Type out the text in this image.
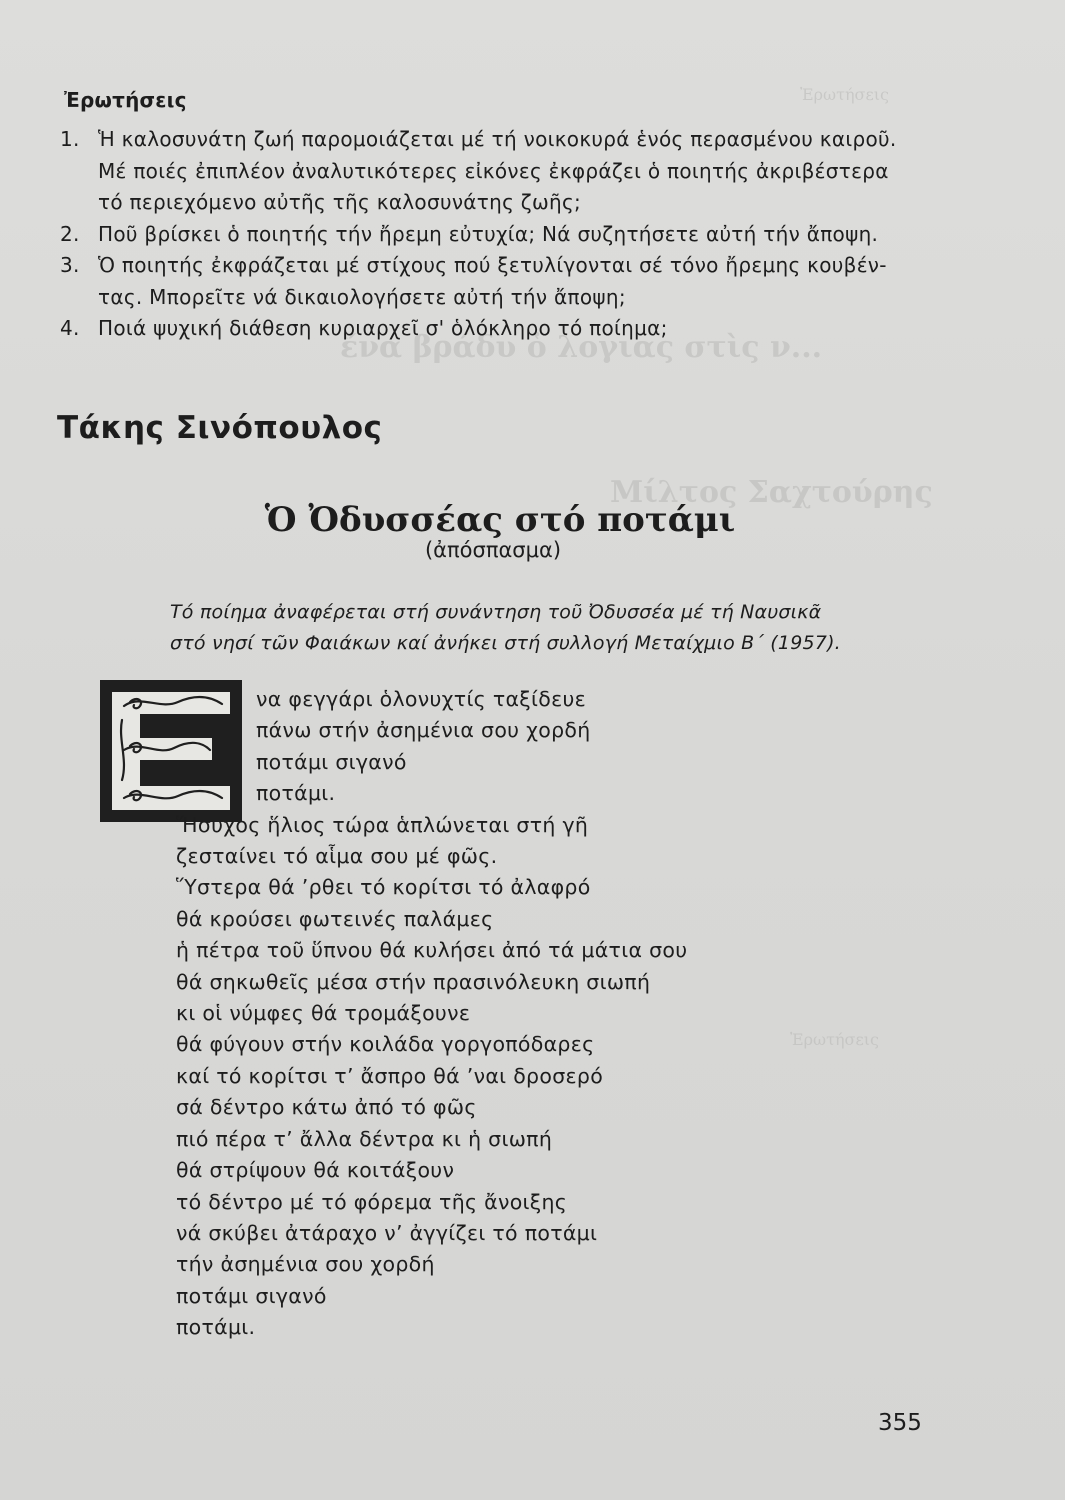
Ἐρωτήσεις
ἕνα βράδυ ὁ λογιας στὶς ν...
Μίλτος Σαχτούρης
Ἐρωτήσεις
Ἐρωτήσεις
1. Ἡ καλοσυνάτη ζωή παρομοιάζεται μέ τή νοικοκυρά ἑνός περασμένου καιροῦ.
Μέ ποιές ἐπιπλέον ἀναλυτικότερες εἰκόνες ἐκφράζει ὁ ποιητής ἀκριβέστερα
τό περιεχόμενο αὐτῆς τῆς καλοσυνάτης ζωῆς;
2. Ποῦ βρίσκει ὁ ποιητής τήν ἤρεμη εὐτυχία; Νά συζητήσετε αὐτή τήν ἄποψη.
3. Ὁ ποιητής ἐκφράζεται μέ στίχους πού ξετυλίγονται σέ τόνο ἤρεμης κουβέν-
τας. Μπορεῖτε νά δικαιολογήσετε αὐτή τήν ἄποψη;
4. Ποιά ψυχική διάθεση κυριαρχεῖ σ' ὁλόκληρο τό ποίημα;
Τάκης Σινόπουλος
Ὁ Ὀδυσσέας στό ποτάμι
(ἀπόσπασμα)
Τό ποίημα ἀναφέρεται στή συνάντηση τοῦ Ὀδυσσέα μέ τή Ναυσικᾶ
στό νησί τῶν Φαιάκων καί ἀνήκει στή συλλογή Μεταίχμιο Β΄ (1957).
να φεγγάρι ὁλονυχτίς ταξίδευε
πάνω στήν ἀσημένια σου χορδή
ποτάμι σιγανό
ποτάμι.
Ἥσυχος ἥλιος τώρα ἁπλώνεται στή γῆ
ζεσταίνει τό αἷμα σου μέ φῶς.
Ὕστερα θά ’ρθει τό κορίτσι τό ἀλαφρό
θά κρούσει φωτεινές παλάμες
ἡ πέτρα τοῦ ὕπνου θά κυλήσει ἀπό τά μάτια σου
θά σηκωθεῖς μέσα στήν πρασινόλευκη σιωπή
κι οἱ νύμφες θά τρομάξουνε
θά φύγουν στήν κοιλάδα γοργοπόδαρες
καί τό κορίτσι τ’ ἄσπρο θά ’ναι δροσερό
σά δέντρο κάτω ἀπό τό φῶς
πιό πέρα τ’ ἄλλα δέντρα κι ἡ σιωπή
θά στρίψουν θά κοιτάξουν
τό δέντρο μέ τό φόρεμα τῆς ἄνοιξης
νά σκύβει ἀτάραχο ν’ ἀγγίζει τό ποτάμι
τήν ἀσημένια σου χορδή
ποτάμι σιγανό
ποτάμι.
355
